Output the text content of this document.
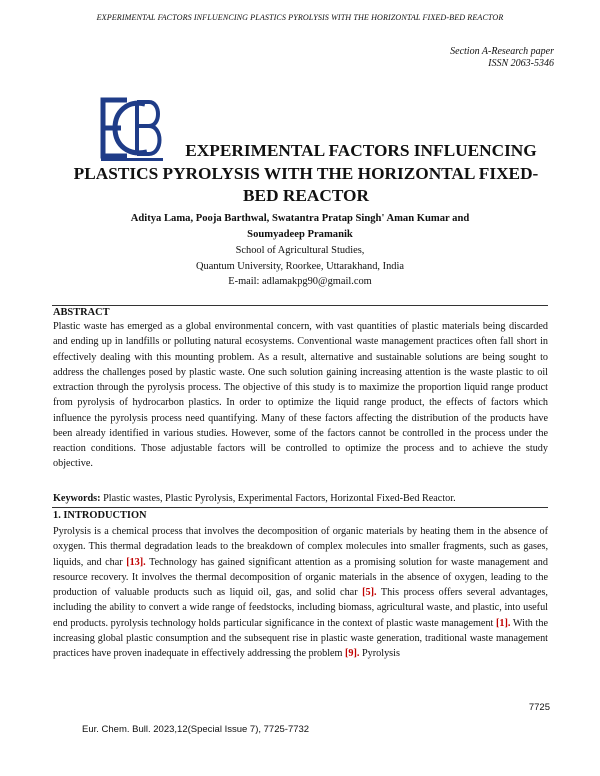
EXPERIMENTAL FACTORS INFLUENCING PLASTICS PYROLYSIS WITH THE HORIZONTAL FIXED-BED REACTOR
Section A-Research paper
ISSN 2063-5346
ECB
EXPERIMENTAL FACTORS INFLUENCING
PLASTICS PYROLYSIS WITH THE HORIZONTAL FIXED-
BED REACTOR
Aditya Lama, Pooja Barthwal, Swatantra Pratap Singh' Aman Kumar and
Soumyadeep Pramanik
School of Agricultural Studies,
Quantum University, Roorkee, Uttarakhand, India
E-mail: adlamakpg90@gmail.com
ABSTRACT
Plastic waste has emerged as a global environmental concern, with vast quantities of plastic materials being discarded and ending up in landfills or polluting natural ecosystems. Conventional waste management practices often fall short in effectively dealing with this mounting problem. As a result, alternative and sustainable solutions are being sought to address the challenges posed by plastic waste. One such solution gaining increasing attention is the waste plastic to oil extraction through the pyrolysis process. The objective of this study is to maximize the proportion liquid range product from pyrolysis of hydrocarbon plastics. In order to optimize the liquid range product, the effects of factors which influence the pyrolysis process need quantifying. Many of these factors affecting the distribution of the products have been already identified in various studies. However, some of the factors cannot be controlled in the process under the reaction conditions. Those adjustable factors will be controlled to optimize the process and to achieve the study objective.
Keywords: Plastic wastes, Plastic Pyrolysis, Experimental Factors, Horizontal Fixed-Bed Reactor.
1. INTRODUCTION
Pyrolysis is a chemical process that involves the decomposition of organic materials by heating them in the absence of oxygen. This thermal degradation leads to the breakdown of complex molecules into smaller fragments, such as gases, liquids, and char [13]. Technology has gained significant attention as a promising solution for waste management and resource recovery. It involves the thermal decomposition of organic materials in the absence of oxygen, leading to the production of valuable products such as liquid oil, gas, and solid char [5]. This process offers several advantages, including the ability to convert a wide range of feedstocks, including biomass, agricultural waste, and plastic, into useful end products. pyrolysis technology holds particular significance in the context of plastic waste management [1]. With the increasing global plastic consumption and the subsequent rise in plastic waste generation, traditional waste management practices have proven inadequate in effectively addressing the problem [9]. Pyrolysis
7725
Eur. Chem. Bull. 2023,12(Special Issue 7), 7725-7732
